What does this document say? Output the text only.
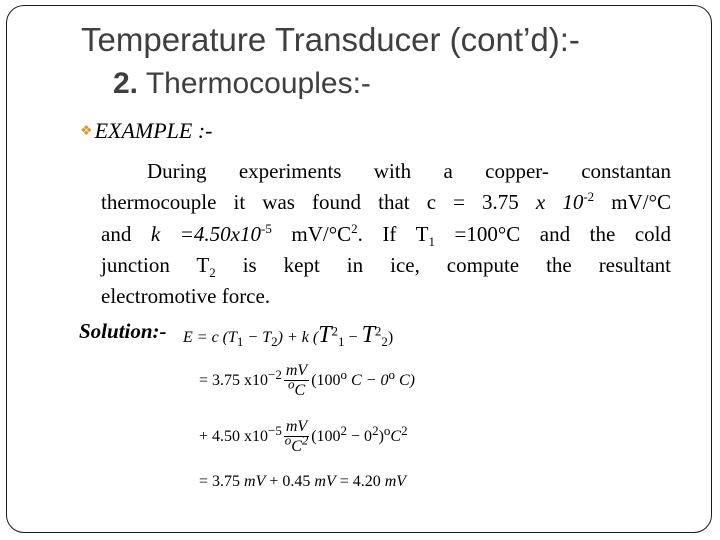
Temperature Transducer (cont’d):-
2. Thermocouples:-
❖EXAMPLE :-
During experiments with a copper- constantan
thermocouple it was found that c = 3.75 x $10^{-2}$ mV/°C
and $k =4.50x10^{-5}$ $mV/^\circ C^2$. If $T_1 =100^\circ C$ and the cold
junction $T_2$ is kept in ice, compute the resultant
electromotive force.
Solution:- E = c $(T_1 - T_2) + k$ $(T^2_1 - T^2_2)$
= 3.75 $x10^{-2} \frac{mV}{^oC} (100^o$ $C - 0^o$ C)
+ 4.50 $x10^{-5} \frac{mV}{^oC^2} (100^2 - 0^2)^oC^2$
= 3.75 mV + 0.45 mV = 4.20 mV
